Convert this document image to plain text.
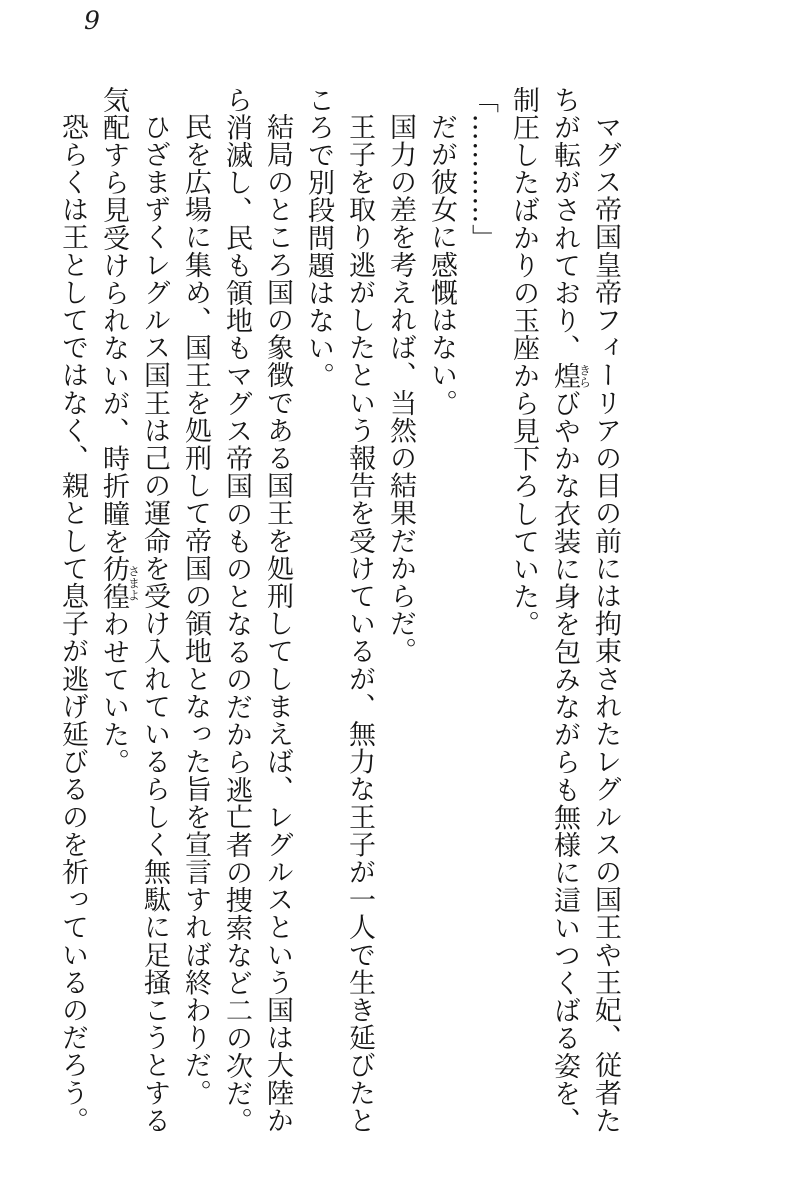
9

マグス帝国皇帝フィーリアの目の前には拘束されたレグルスの国王や王妃、従者たちが転がされており、煌きらびやかな衣装に身を包みながらも無様に這いつくばる姿を、制圧したばかりの玉座から見下ろしていた。

「…………」

だが彼女に感慨はない。

国力の差を考えれば、当然の結果だからだ。

王子を取り逃がしたという報告を受けているが、無力な王子が一人で生き延びたところで別段問題はない。

結局のところ国の象徴である国王を処刑してしまえば、レグルスという国は大陸から消滅し、民も領地もマグス帝国のものとなるのだから逃亡者の捜索など二の次だ。

民を広場に集め、国王を処刑して帝国の領地となった旨を宣言すれば終わりだ。

ひざまずくレグルス国王は己の運命を受け入れているらしく無駄に足掻こうとする気配すら見受けられないが、時折瞳を彷徨さまよわせていた。

恐らくは王としてではなく、親として息子が逃げ延びるのを祈っているのだろう。
